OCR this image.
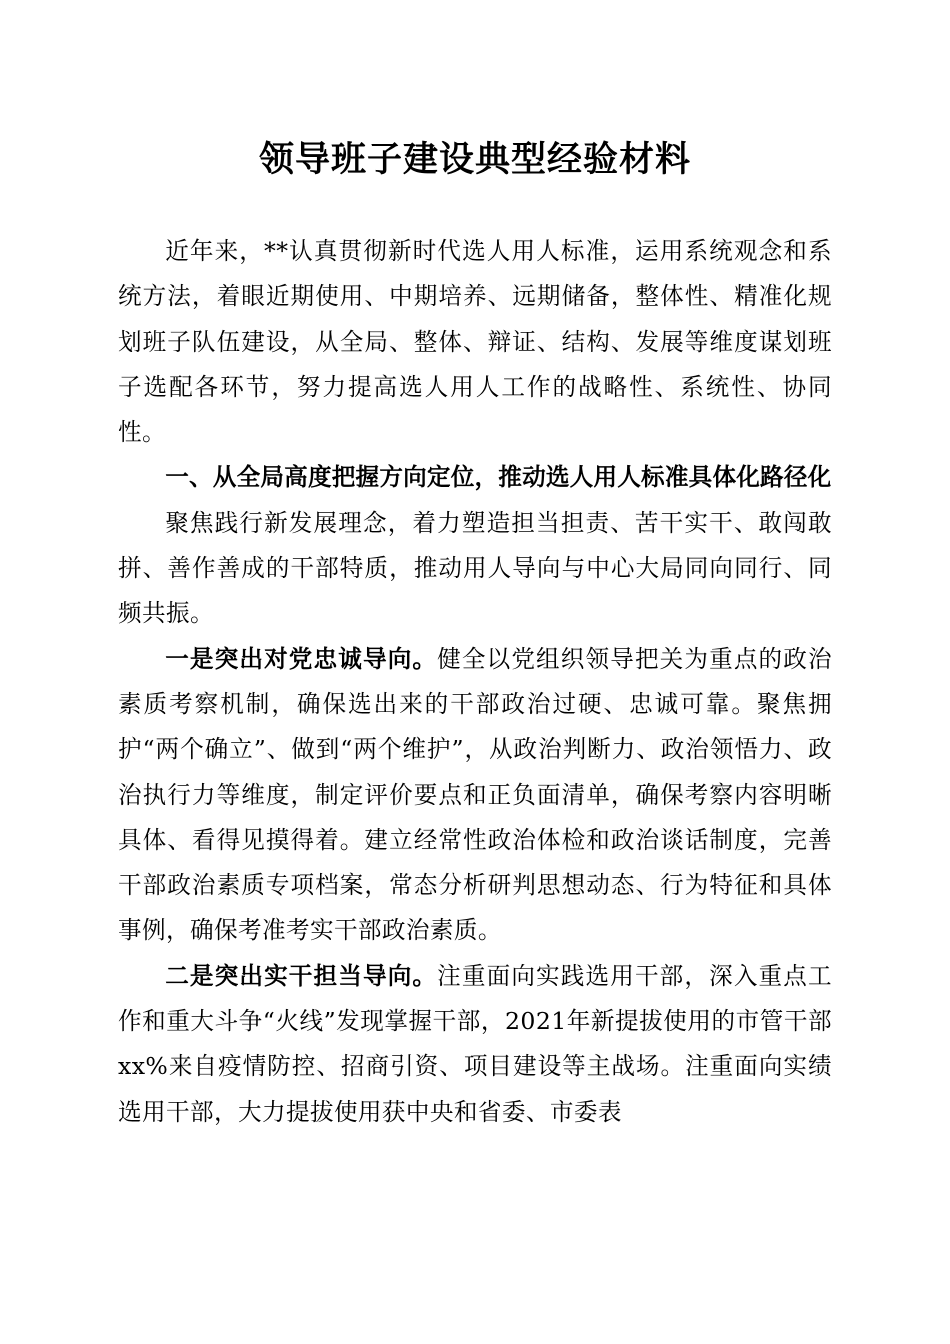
领导班子建设典型经验材料

近年来，**认真贯彻新时代选人用人标准，运用系统观念和系统方法，着眼近期使用、中期培养、远期储备，整体性、精准化规划班子队伍建设，从全局、整体、辩证、结构、发展等维度谋划班子选配各环节，努力提高选人用人工作的战略性、系统性、协同性。

一、从全局高度把握方向定位，推动选人用人标准具体化路径化

聚焦践行新发展理念，着力塑造担当担责、苦干实干、敢闯敢拼、善作善成的干部特质，推动用人导向与中心大局同向同行、同频共振。

一是突出对党忠诚导向。健全以党组织领导把关为重点的政治素质考察机制，确保选出来的干部政治过硬、忠诚可靠。聚焦拥护“两个确立”、做到“两个维护”，从政治判断力、政治领悟力、政治执行力等维度，制定评价要点和正负面清单，确保考察内容明晰具体、看得见摸得着。建立经常性政治体检和政治谈话制度，完善干部政治素质专项档案，常态分析研判思想动态、行为特征和具体事例，确保考准考实干部政治素质。

二是突出实干担当导向。注重面向实践选用干部，深入重点工作和重大斗争“火线”发现掌握干部，2021年新提拔使用的市管干部xx%来自疫情防控、招商引资、项目建设等主战场。注重面向实绩选用干部，大力提拔使用获中央和省委、市委表
